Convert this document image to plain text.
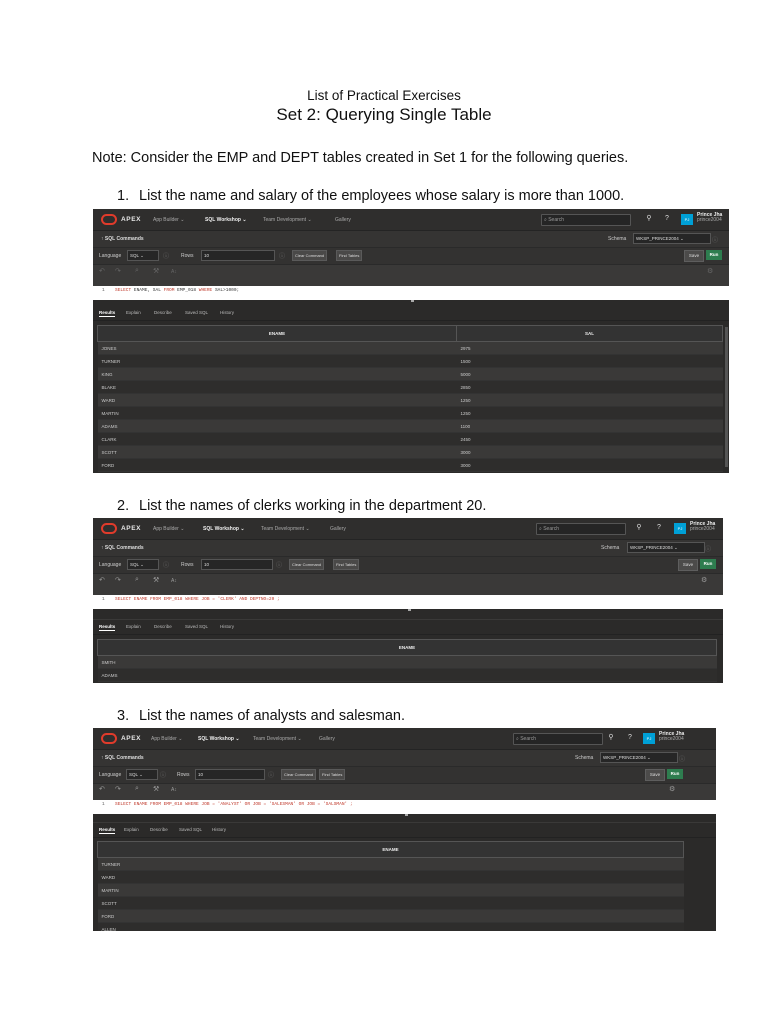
List of Practical Exercises
Set 2: Querying Single Table
Note: Consider the EMP and DEPT tables created in Set 1 for the following queries.
1. List the name and salary of the employees whose salary is more than 1000.
APEX App Builder ⌄	SQL Workshop ⌄	Team Development ⌄	Gallery	⌕ Search	⚲ ?	PJ
Prince Jha
prince2004
↑ SQL Commands	Schema	WKSP_PRINCE2004 ⌄	ⓘ
Language	SQL ⌄	ⓘ Rows	10	ⓘ	Clear Command	Find Tables	Save	Run
↶ ↷ ⌕ ⚒ A↕	⚙
1 SELECT ENAME, SAL FROM EMP_018 WHERE SAL>1000;
Results Explain	Describe	Saved SQL	History
ENAME	SAL
JONES	2975
TURNER	1500
KING	5000
BLAKE	2850
WARD	1250
MARTIN	1250
ADAMS	1100
CLARK	2450
SCOTT	3000
FORD	3000
2. List the names of clerks working in the department 20.
APEX App Builder ⌄	SQL Workshop ⌄	Team Development ⌄	Gallery	⌕ Search	⚲ ?	PJ
Prince Jha
prince2004
↑ SQL Commands	Schema	WKSP_PRINCE2004 ⌄	ⓘ
Language	SQL ⌄	ⓘ Rows	10	ⓘ	Clear Command	Find Tables	Save	Run
↶ ↷ ⌕ ⚒ A↕	⚙
1 SELECT ENAME FROM EMP_018 WHERE JOB = 'CLERK' AND DEPTNO=20 ;
Results Explain	Describe	Saved SQL	History
ENAME
SMITH
ADAMS
3. List the names of analysts and salesman.
APEX App Builder ⌄	SQL Workshop ⌄	Team Development ⌄	Gallery	⌕ Search	⚲ ?	PJ
Prince Jha
prince2004
↑ SQL Commands	Schema	WKSP_PRINCE2004 ⌄	ⓘ
Language	SQL ⌄	ⓘ Rows	10	ⓘ	Clear Command	Find Tables	Save	Run
↶ ↷ ⌕ ⚒ A↕	⚙
1 SELECT ENAME FROM EMP_018 WHERE JOB = 'ANALYST' OR JOB = 'SALESMAN' OR JOB = 'SALSMAN' ;
Results Explain Describe Saved SQL History
ENAME
TURNER
WARD
MARTIN
SCOTT
FORD
ALLEN
